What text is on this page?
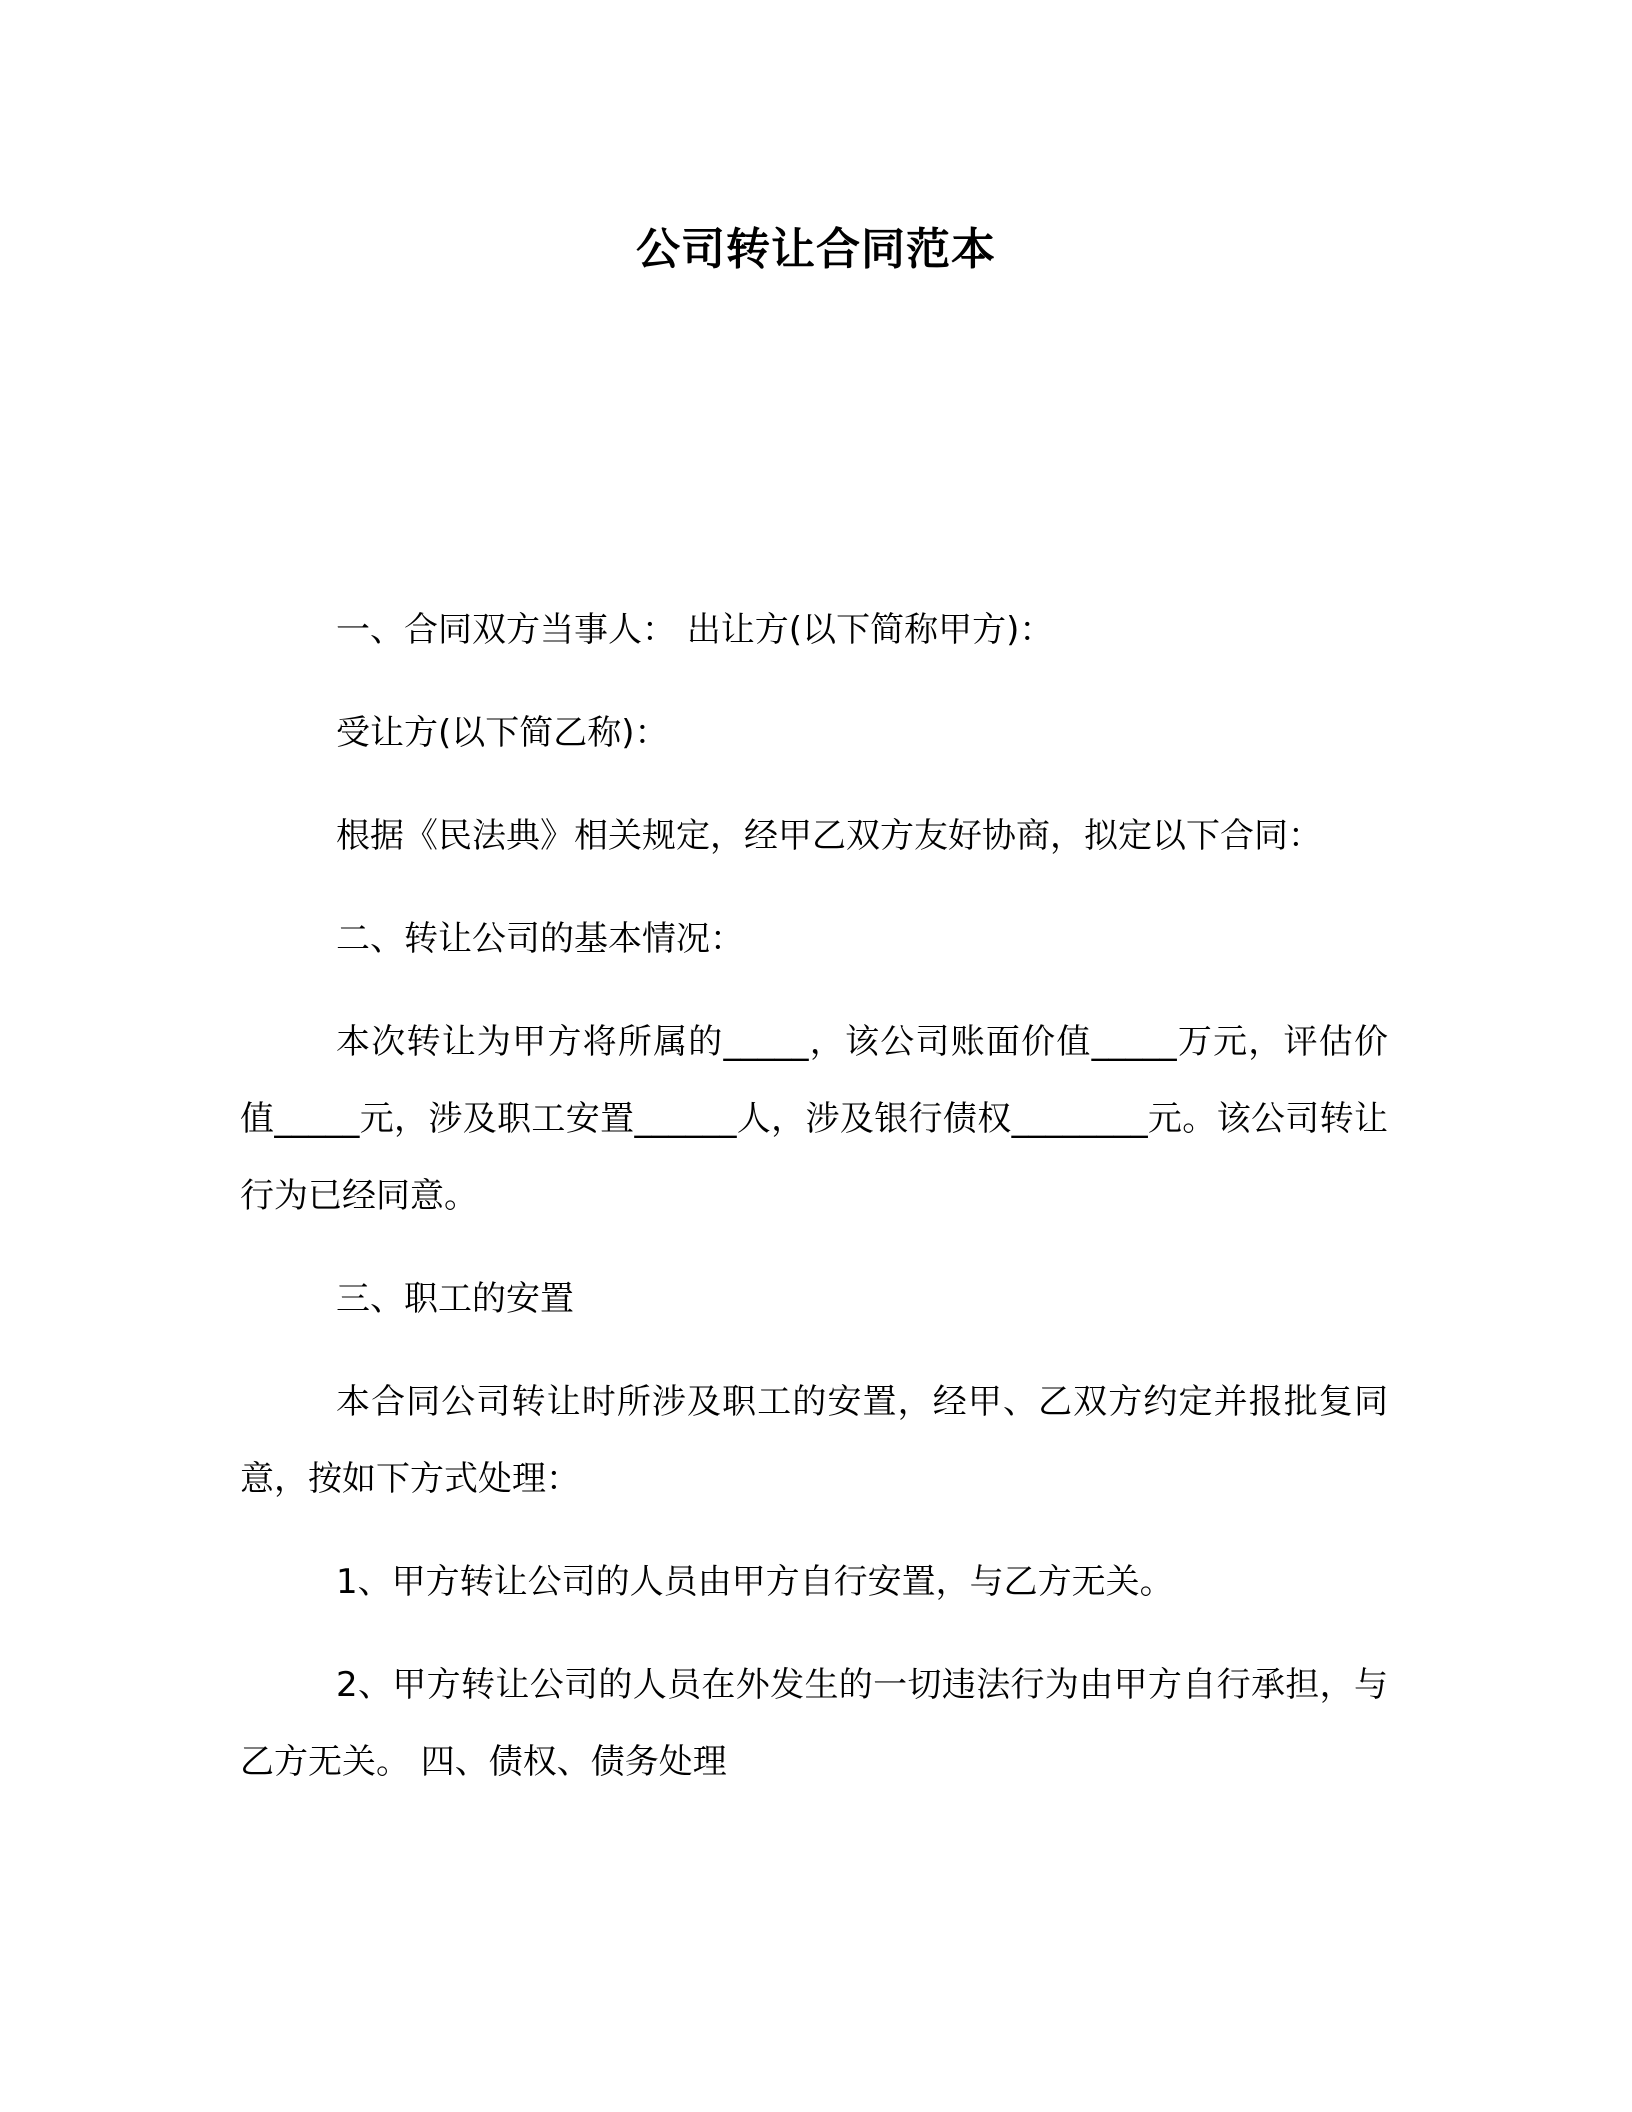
公司转让合同范本

一、合同双方当事人： 出让方(以下简称甲方)：

受让方(以下简乙称)：

根据《民法典》相关规定，经甲乙双方友好协商，拟定以下合同：

二、转让公司的基本情况：

本次转让为甲方将所属的_____，该公司账面价值_____万元，评估价值_____元，涉及职工安置______人，涉及银行债权________元。该公司转让行为已经同意。

三、职工的安置

本合同公司转让时所涉及职工的安置，经甲、乙双方约定并报批复同意，按如下方式处理：

1、甲方转让公司的人员由甲方自行安置，与乙方无关。

2、甲方转让公司的人员在外发生的一切违法行为由甲方自行承担，与乙方无关。 四、债权、债务处理
